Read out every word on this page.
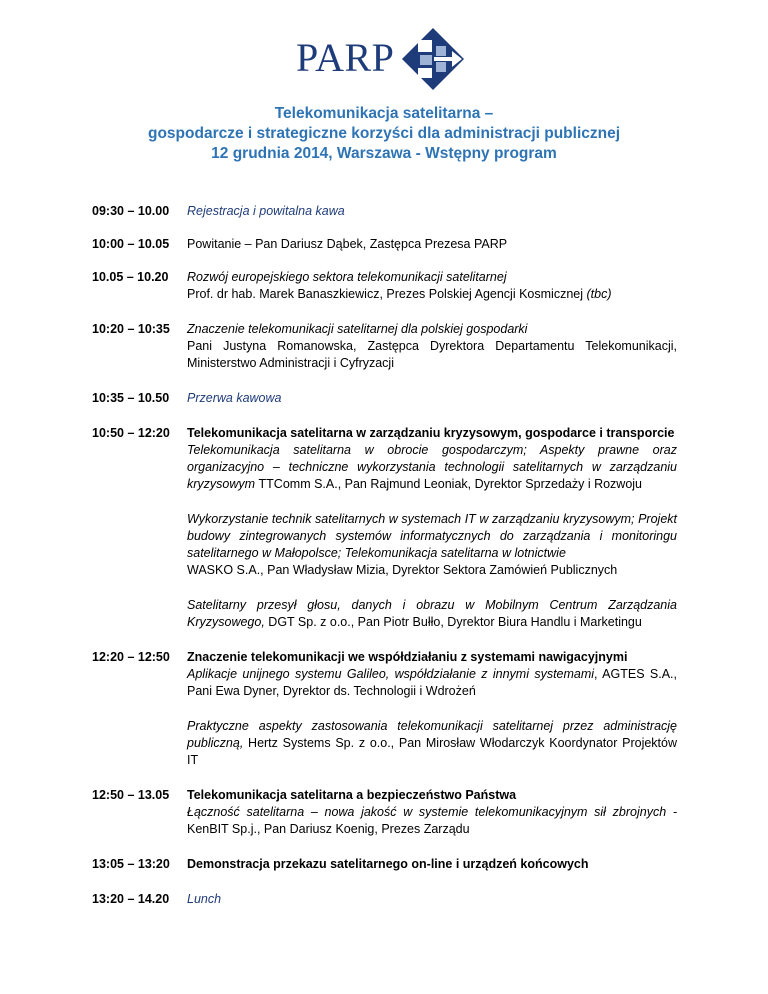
PARP
Telekomunikacja satelitarna –
gospodarcze i strategiczne korzyści dla administracji publicznej
12 grudnia 2014, Warszawa - Wstępny program
09:30 – 10.00	Rejestracja i powitalna kawa
10:00 – 10.05	Powitanie – Pan Dariusz Dąbek, Zastępca Prezesa PARP
10.05 – 10.20	Rozwój europejskiego sektora telekomunikacji satelitarnej
Prof. dr hab. Marek Banaszkiewicz, Prezes Polskiej Agencji Kosmicznej (tbc)
10:20 – 10:35	Znaczenie telekomunikacji satelitarnej dla polskiej gospodarki
Pani Justyna Romanowska, Zastępca Dyrektora Departamentu Telekomunikacji, Ministerstwo Administracji i Cyfryzacji
10:35 – 10.50	Przerwa kawowa
10:50 – 12:20	Telekomunikacja satelitarna w zarządzaniu kryzysowym, gospodarce i transporcie
Telekomunikacja satelitarna w obrocie gospodarczym; Aspekty prawne oraz organizacyjno – techniczne wykorzystania technologii satelitarnych w zarządzaniu kryzysowym TTComm S.A., Pan Rajmund Leoniak, Dyrektor Sprzedaży i Rozwoju

Wykorzystanie technik satelitarnych w systemach IT w zarządzaniu kryzysowym; Projekt budowy zintegrowanych systemów informatycznych do zarządzania i monitoringu satelitarnego w Małopolsce; Telekomunikacja satelitarna w lotnictwie
WASKO S.A., Pan Władysław Mizia, Dyrektor Sektora Zamówień Publicznych

Satelitarny przesył głosu, danych i obrazu w Mobilnym Centrum Zarządzania Kryzysowego, DGT Sp. z o.o., Pan Piotr Bułło, Dyrektor Biura Handlu i Marketingu

12:20 – 12:50	Znaczenie telekomunikacji we współdziałaniu z systemami nawigacyjnymi
Aplikacje unijnego systemu Galileo, współdziałanie z innymi systemami, AGTES S.A., Pani Ewa Dyner, Dyrektor ds. Technologii i Wdrożeń

Praktyczne aspekty zastosowania telekomunikacji satelitarnej przez administrację publiczną, Hertz Systems Sp. z o.o., Pan Mirosław Włodarczyk Koordynator Projektów IT

12:50 – 13.05	Telekomunikacja satelitarna a bezpieczeństwo Państwa
Łączność satelitarna – nowa jakość w systemie telekomunikacyjnym sił zbrojnych - KenBIT Sp.j., Pan Dariusz Koenig, Prezes Zarządu
13:05 – 13:20	Demonstracja przekazu satelitarnego on-line i urządzeń końcowych
13:20 – 14.20	Lunch
